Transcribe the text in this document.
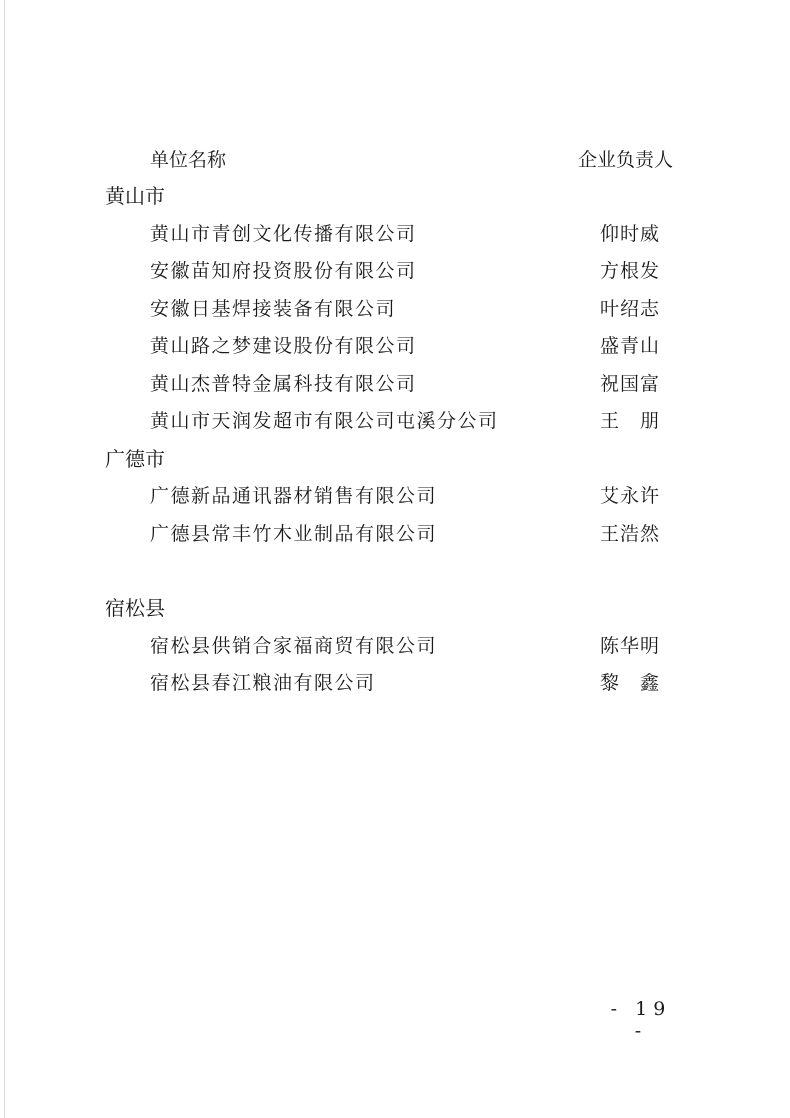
单位名称	企业负责人
黄山市
黄山市青创文化传播有限公司	仰时威
安徽苗知府投资股份有限公司	方根发
安徽日基焊接装备有限公司	叶绍志
黄山路之梦建设股份有限公司	盛青山
黄山杰普特金属科技有限公司	祝国富
黄山市天润发超市有限公司屯溪分公司	王　朋
广德市
广德新品通讯器材销售有限公司	艾永许
广德县常丰竹木业制品有限公司	王浩然
宿松县
宿松县供销合家福商贸有限公司	陈华明
宿松县春江粮油有限公司	黎　鑫
- 19 -
